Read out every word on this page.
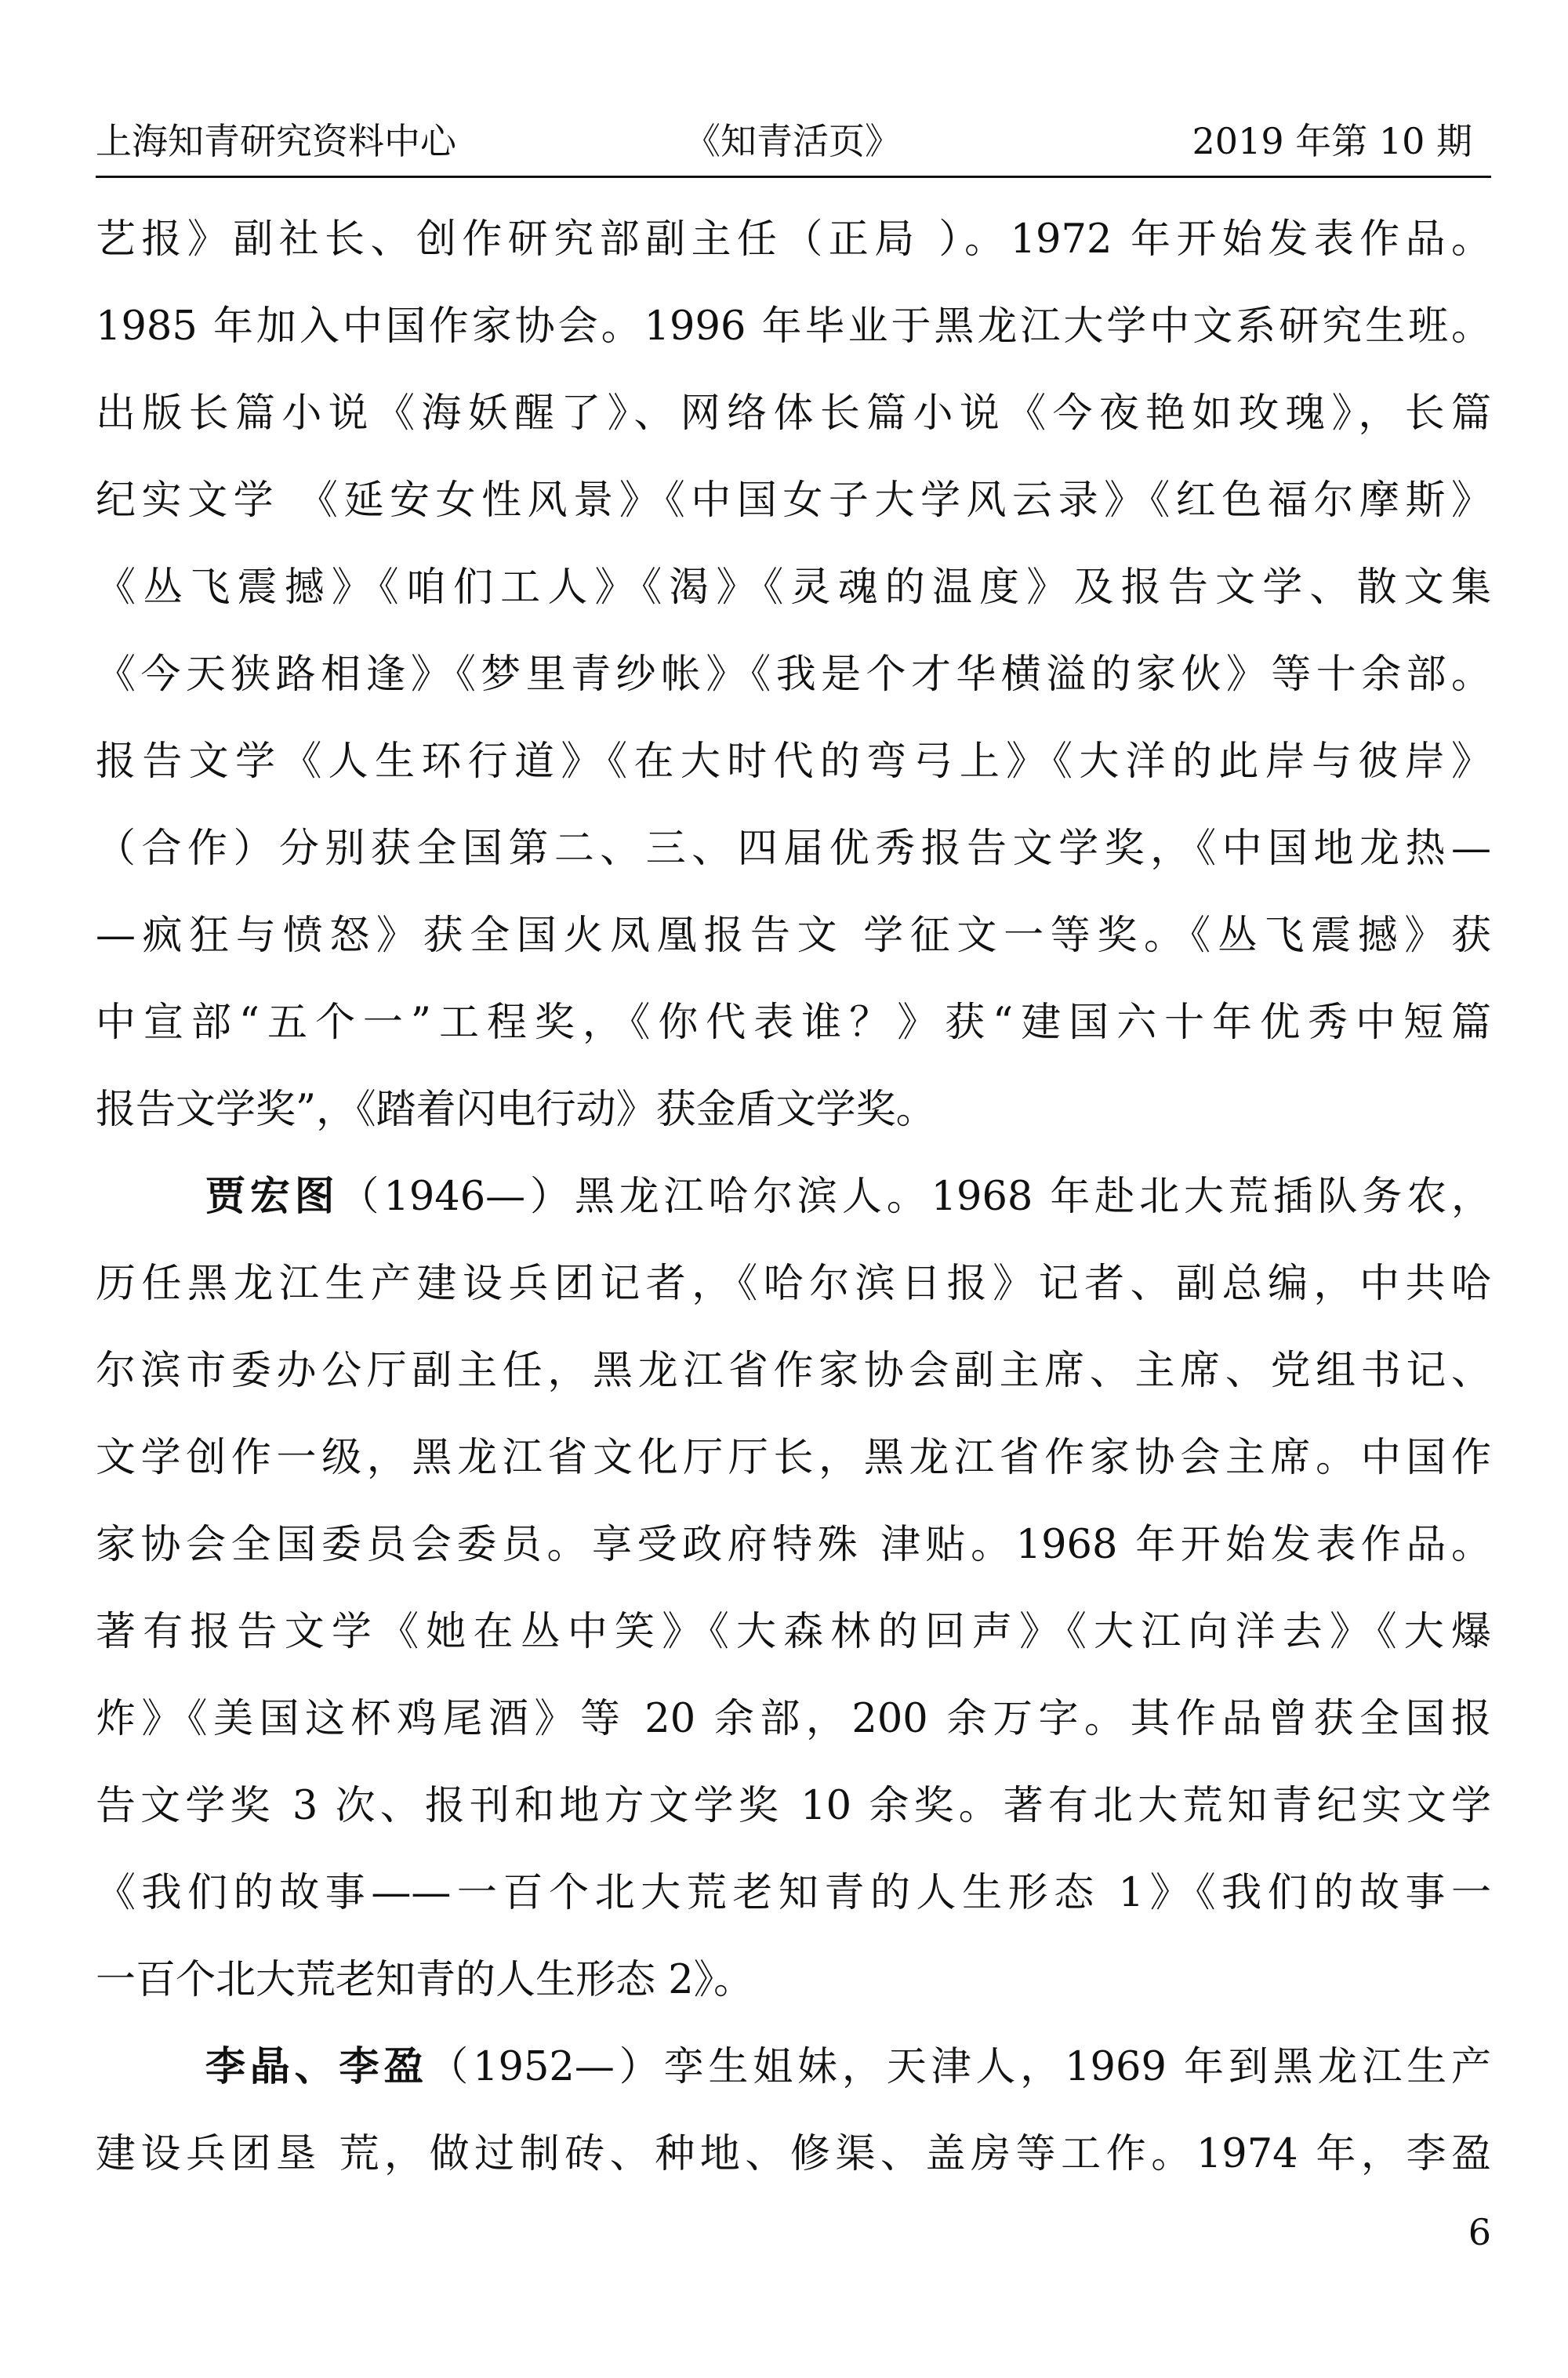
上海知青研究资料中心	《知青活页》	2019 年第 10 期

艺报》副社长、创作研究部副主任（正局 ）。1972 年开始发表作品。

1985 年加入中国作家协会。1996 年毕业于黑龙江大学中文系研究生班。

出版长篇小说《海妖醒了》、网络体长篇小说《今夜艳如玫瑰》，长篇

纪实文学 《延安女性风景》《中国女子大学风云录》《红色福尔摩斯》

《丛飞震撼》《咱们工人》《渴》《灵魂的温度》及报告文学、散文集

《今天狭路相逢》《梦里青纱帐》《我是个才华横溢的家伙》等十余部。

报告文学《人生环行道》《在大时代的弯弓上》《大洋的此岸与彼岸》

（合作）分别获全国第二、三、四届优秀报告文学奖，《中国地龙热—

—疯狂与愤怒》获全国火凤凰报告文 学征文一等奖。《丛飞震撼》获

中宣部“五个一”工程奖，《你代表谁？》获“建国六十年优秀中短篇

报告文学奖”，《踏着闪电行动》获金盾文学奖。

贾宏图（1946—）黑龙江哈尔滨人。1968 年赴北大荒插队务农，

历任黑龙江生产建设兵团记者，《哈尔滨日报》记者、副总编，中共哈

尔滨市委办公厅副主任，黑龙江省作家协会副主席、主席、党组书记、

文学创作一级，黑龙江省文化厅厅长，黑龙江省作家协会主席。中国作

家协会全国委员会委员。享受政府特殊 津贴。1968 年开始发表作品。

著有报告文学《她在丛中笑》《大森林的回声》《大江向洋去》《大爆

炸》《美国这杯鸡尾酒》等 20 余部，200 余万字。其作品曾获全国报

告文学奖 3 次、报刊和地方文学奖 10 余奖。著有北大荒知青纪实文学

《我们的故事——一百个北大荒老知青的人生形态 1》《我们的故事一

一百个北大荒老知青的人生形态 2》。

李晶、李盈（1952—）孪生姐妹，天津人，1969 年到黑龙江生产

建设兵团垦 荒，做过制砖、种地、修渠、盖房等工作。1974 年，李盈

6
